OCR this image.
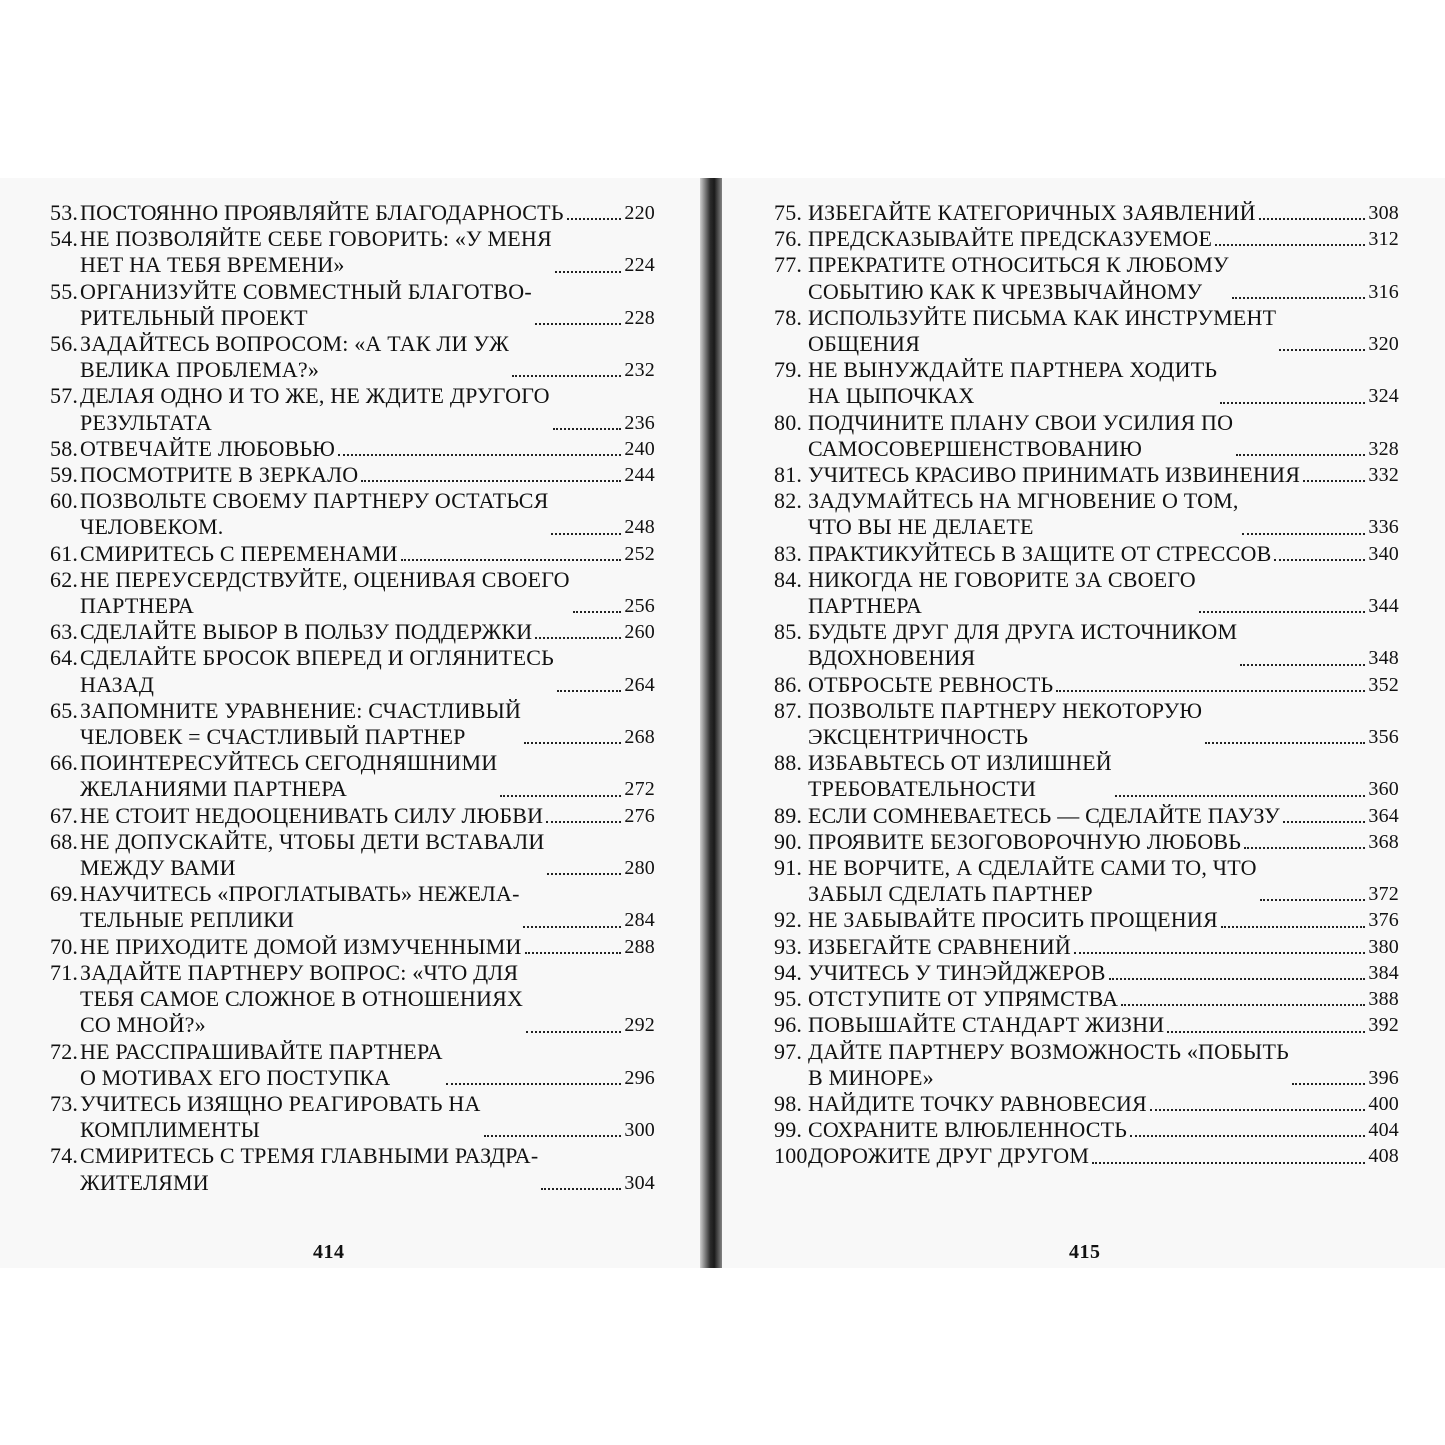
53. ПОСТОЯННО ПРОЯВЛЯЙТЕ БЛАГОДАРНОСТЬ	220
54. НЕ ПОЗВОЛЯЙТЕ СЕБЕ ГОВОРИТЬ: «У МЕНЯ
НЕТ НА ТЕБЯ ВРЕМЕНИ»	224
55. ОРГАНИЗУЙТЕ СОВМЕСТНЫЙ БЛАГОТВО-
РИТЕЛЬНЫЙ ПРОЕКТ	228
56. ЗАДАЙТЕСЬ ВОПРОСОМ: «А ТАК ЛИ УЖ
ВЕЛИКА ПРОБЛЕМА?»	232
57. ДЕЛАЯ ОДНО И ТО ЖЕ, НЕ ЖДИТЕ ДРУГОГО
РЕЗУЛЬТАТА	236
58. ОТВЕЧАЙТЕ ЛЮБОВЬЮ	240
59. ПОСМОТРИТЕ В ЗЕРКАЛО	244
60. ПОЗВОЛЬТЕ СВОЕМУ ПАРТНЕРУ ОСТАТЬСЯ
ЧЕЛОВЕКОМ.	248
61. СМИРИТЕСЬ С ПЕРЕМЕНАМИ	252
62. НЕ ПЕРЕУСЕРДСТВУЙТЕ, ОЦЕНИВАЯ СВОЕГО
ПАРТНЕРА	256
63. СДЕЛАЙТЕ ВЫБОР В ПОЛЬЗУ ПОДДЕРЖКИ	260
64. СДЕЛАЙТЕ БРОСОК ВПЕРЕД И ОГЛЯНИТЕСЬ
НАЗАД	264
65. ЗАПОМНИТЕ УРАВНЕНИЕ: СЧАСТЛИВЫЙ
ЧЕЛОВЕК = СЧАСТЛИВЫЙ ПАРТНЕР	268
66. ПОИНТЕРЕСУЙТЕСЬ СЕГОДНЯШНИМИ
ЖЕЛАНИЯМИ ПАРТНЕРА	272
67. НЕ СТОИТ НЕДООЦЕНИВАТЬ СИЛУ ЛЮБВИ	276
68. НЕ ДОПУСКАЙТЕ, ЧТОБЫ ДЕТИ ВСТАВАЛИ
МЕЖДУ ВАМИ	280
69. НАУЧИТЕСЬ «ПРОГЛАТЫВАТЬ» НЕЖЕЛА-
ТЕЛЬНЫЕ РЕПЛИКИ	284
70. НЕ ПРИХОДИТЕ ДОМОЙ ИЗМУЧЕННЫМИ	288
71. ЗАДАЙТЕ ПАРТНЕРУ ВОПРОС: «ЧТО ДЛЯ
ТЕБЯ САМОЕ СЛОЖНОЕ В ОТНОШЕНИЯХ
СО МНОЙ?»	292
72. НЕ РАССПРАШИВАЙТЕ ПАРТНЕРА
О МОТИВАХ ЕГО ПОСТУПКА	296
73. УЧИТЕСЬ ИЗЯЩНО РЕАГИРОВАТЬ НА
КОМПЛИМЕНТЫ	300
74. СМИРИТЕСЬ С ТРЕМЯ ГЛАВНЫМИ РАЗДРА-
ЖИТЕЛЯМИ	304
414
75. ИЗБЕГАЙТЕ КАТЕГОРИЧНЫХ ЗАЯВЛЕНИЙ	308
76. ПРЕДСКАЗЫВАЙТЕ ПРЕДСКАЗУЕМОЕ	312
77. ПРЕКРАТИТЕ ОТНОСИТЬСЯ К ЛЮБОМУ
СОБЫТИЮ КАК К ЧРЕЗВЫЧАЙНОМУ	316
78. ИСПОЛЬЗУЙТЕ ПИСЬМА КАК ИНСТРУМЕНТ
ОБЩЕНИЯ	320
79. НЕ ВЫНУЖДАЙТЕ ПАРТНЕРА ХОДИТЬ
НА ЦЫПОЧКАХ	324
80. ПОДЧИНИТЕ ПЛАНУ СВОИ УСИЛИЯ ПО
САМОСОВЕРШЕНСТВОВАНИЮ	328
81. УЧИТЕСЬ КРАСИВО ПРИНИМАТЬ ИЗВИНЕНИЯ	332
82. ЗАДУМАЙТЕСЬ НА МГНОВЕНИЕ О ТОМ,
ЧТО ВЫ НЕ ДЕЛАЕТЕ	336
83. ПРАКТИКУЙТЕСЬ В ЗАЩИТЕ ОТ СТРЕССОВ	340
84. НИКОГДА НЕ ГОВОРИТЕ ЗА СВОЕГО
ПАРТНЕРА	344
85. БУДЬТЕ ДРУГ ДЛЯ ДРУГА ИСТОЧНИКОМ
ВДОХНОВЕНИЯ	348
86. ОТБРОСЬТЕ РЕВНОСТЬ	352
87. ПОЗВОЛЬТЕ ПАРТНЕРУ НЕКОТОРУЮ
ЭКСЦЕНТРИЧНОСТЬ	356
88. ИЗБАВЬТЕСЬ ОТ ИЗЛИШНЕЙ
ТРЕБОВАТЕЛЬНОСТИ	360
89. ЕСЛИ СОМНЕВАЕТЕСЬ — СДЕЛАЙТЕ ПАУЗУ	364
90. ПРОЯВИТЕ БЕЗОГОВОРОЧНУЮ ЛЮБОВЬ	368
91. НЕ ВОРЧИТЕ, А СДЕЛАЙТЕ САМИ ТО, ЧТО
ЗАБЫЛ СДЕЛАТЬ ПАРТНЕР	372
92. НЕ ЗАБЫВАЙТЕ ПРОСИТЬ ПРОЩЕНИЯ	376
93. ИЗБЕГАЙТЕ СРАВНЕНИЙ	380
94. УЧИТЕСЬ У ТИНЭЙДЖЕРОВ	384
95. ОТСТУПИТЕ ОТ УПРЯМСТВА	388
96. ПОВЫШАЙТЕ СТАНДАРТ ЖИЗНИ	392
97. ДАЙТЕ ПАРТНЕРУ ВОЗМОЖНОСТЬ «ПОБЫТЬ
В МИНОРЕ»	396
98. НАЙДИТЕ ТОЧКУ РАВНОВЕСИЯ	400
99. СОХРАНИТЕ ВЛЮБЛЕННОСТЬ	404
100.
ДОРОЖИТЕ ДРУГ ДРУГОМ	408
415
